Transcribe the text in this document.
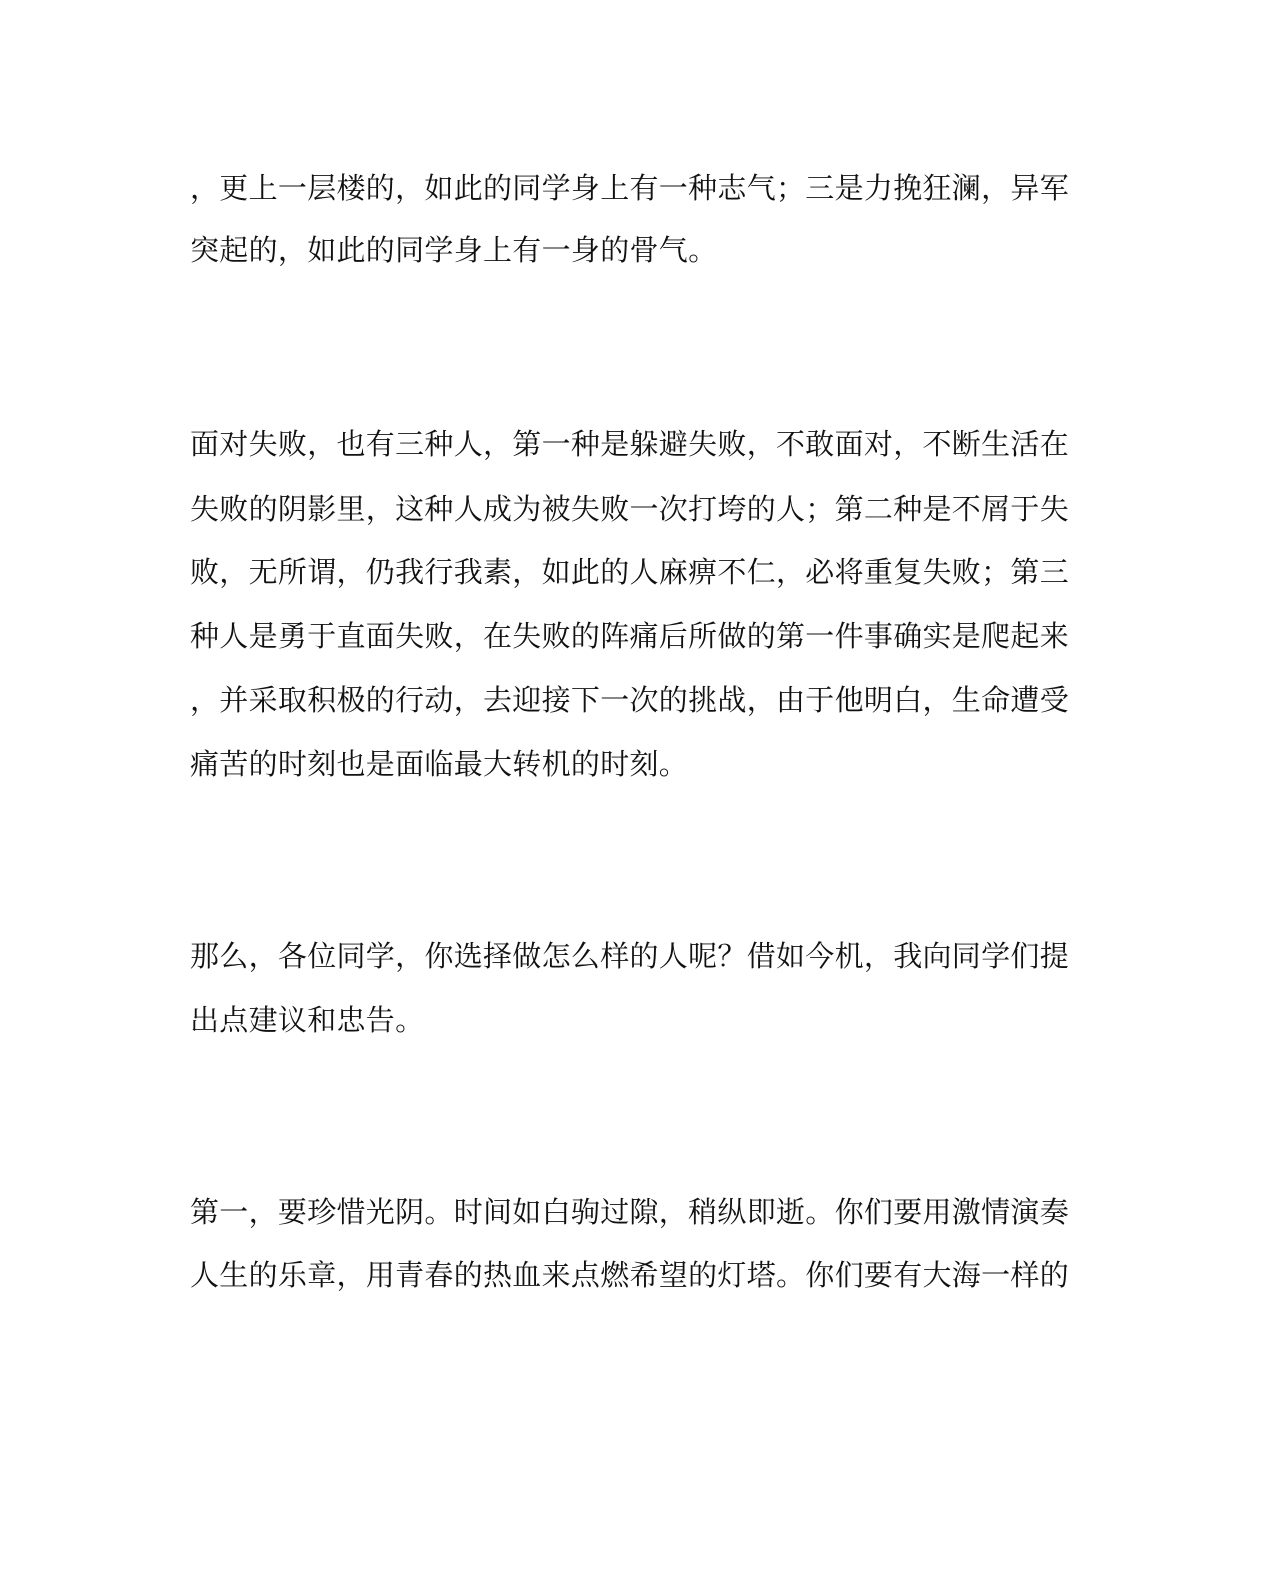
，更上一层楼的，如此的同学身上有一种志气；三是力挽狂澜，异军
突起的，如此的同学身上有一身的骨气。
面对失败，也有三种人，第一种是躲避失败，不敢面对，不断生活在
失败的阴影里，这种人成为被失败一次打垮的人；第二种是不屑于失
败，无所谓，仍我行我素，如此的人麻痹不仁，必将重复失败；第三
种人是勇于直面失败，在失败的阵痛后所做的第一件事确实是爬起来
，并采取积极的行动，去迎接下一次的挑战，由于他明白，生命遭受
痛苦的时刻也是面临最大转机的时刻。
那么，各位同学，你选择做怎么样的人呢？借如今机，我向同学们提
出点建议和忠告。
第一，要珍惜光阴。时间如白驹过隙，稍纵即逝。你们要用激情演奏
人生的乐章，用青春的热血来点燃希望的灯塔。你们要有大海一样的
